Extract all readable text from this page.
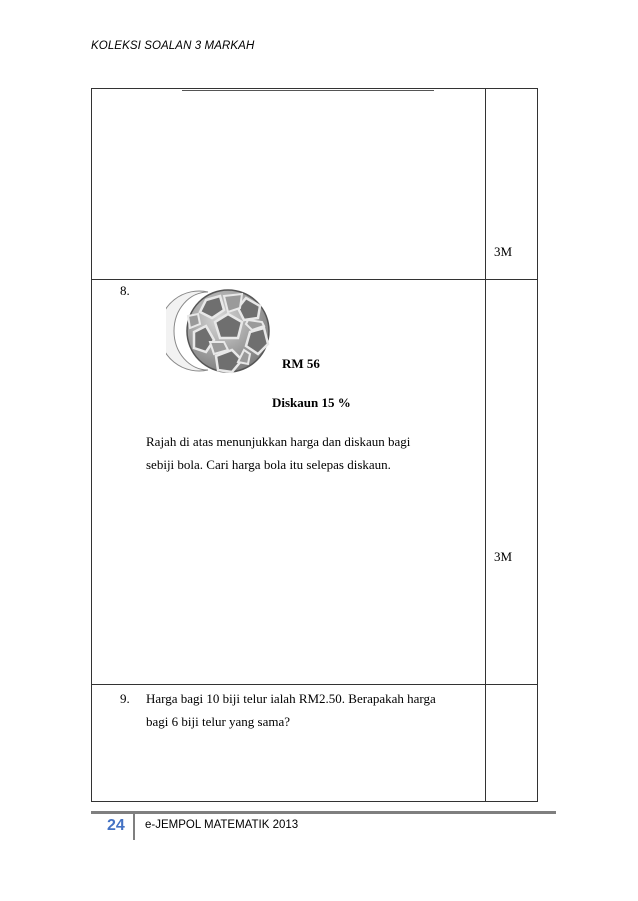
KOLEKSI SOALAN 3 MARKAH

	3M

8.
RM 56
Diskaun 15 %
Rajah di atas menunjukkan harga dan diskaun bagi
sebiji bola. Cari harga bola itu selepas diskaun.	3M

9. Harga bagi 10 biji telur ialah RM2.50. Berapakah harga
bagi 6 biji telur yang sama?	

24 e-JEMPOL MATEMATIK 2013
